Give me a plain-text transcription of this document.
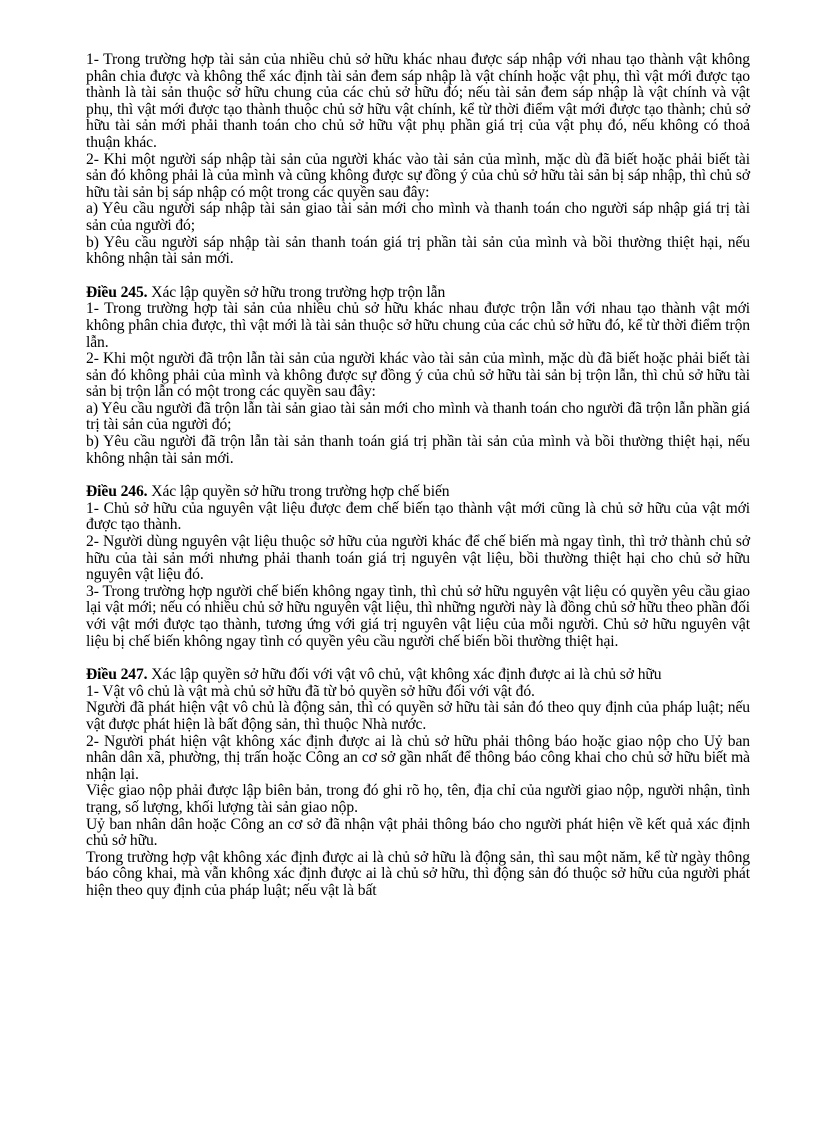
1- Trong trường hợp tài sản của nhiều chủ sở hữu khác nhau được sáp nhập với nhau tạo thành vật không phân chia được và không thể xác định tài sản đem sáp nhập là vật chính hoặc vật phụ, thì vật mới được tạo thành là tài sản thuộc sở hữu chung của các chủ sở hữu đó; nếu tài sản đem sáp nhập là vật chính và vật phụ, thì vật mới được tạo thành thuộc chủ sở hữu vật chính, kể từ thời điểm vật mới được tạo thành; chủ sở hữu tài sản mới phải thanh toán cho chủ sở hữu vật phụ phần giá trị của vật phụ đó, nếu không có thoả thuận khác.

2- Khi một người sáp nhập tài sản của người khác vào tài sản của mình, mặc dù đã biết hoặc phải biết tài sản đó không phải là của mình và cũng không được sự đồng ý của chủ sở hữu tài sản bị sáp nhập, thì chủ sở hữu tài sản bị sáp nhập có một trong các quyền sau đây:

a) Yêu cầu người sáp nhập tài sản giao tài sản mới cho mình và thanh toán cho người sáp nhập giá trị tài sản của người đó;

b) Yêu cầu người sáp nhập tài sản thanh toán giá trị phần tài sản của mình và bồi thường thiệt hại, nếu không nhận tài sản mới.

Điều 245. Xác lập quyền sở hữu trong trường hợp trộn lẫn

1- Trong trường hợp tài sản của nhiều chủ sở hữu khác nhau được trộn lẫn với nhau tạo thành vật mới không phân chia được, thì vật mới là tài sản thuộc sở hữu chung của các chủ sở hữu đó, kể từ thời điểm trộn lẫn.

2- Khi một người đã trộn lẫn tài sản của người khác vào tài sản của mình, mặc dù đã biết hoặc phải biết tài sản đó không phải của mình và không được sự đồng ý của chủ sở hữu tài sản bị trộn lẫn, thì chủ sở hữu tài sản bị trộn lẫn có một trong các quyền sau đây:

a) Yêu cầu người đã trộn lẫn tài sản giao tài sản mới cho mình và thanh toán cho người đã trộn lẫn phần giá trị tài sản của người đó;

b) Yêu cầu người đã trộn lẫn tài sản thanh toán giá trị phần tài sản của mình và bồi thường thiệt hại, nếu không nhận tài sản mới.

Điều 246. Xác lập quyền sở hữu trong trường hợp chế biến

1- Chủ sở hữu của nguyên vật liệu được đem chế biến tạo thành vật mới cũng là chủ sở hữu của vật mới được tạo thành.

2- Người dùng nguyên vật liệu thuộc sở hữu của người khác để chế biến mà ngay tình, thì trở thành chủ sở hữu của tài sản mới nhưng phải thanh toán giá trị nguyên vật liệu, bồi thường thiệt hại cho chủ sở hữu nguyên vật liệu đó.

3- Trong trường hợp người chế biến không ngay tình, thì chủ sở hữu nguyên vật liệu có quyền yêu cầu giao lại vật mới; nếu có nhiều chủ sở hữu nguyên vật liệu, thì những người này là đồng chủ sở hữu theo phần đối với vật mới được tạo thành, tương ứng với giá trị nguyên vật liệu của mỗi người. Chủ sở hữu nguyên vật liệu bị chế biến không ngay tình có quyền yêu cầu người chế biến bồi thường thiệt hại.

Điều 247. Xác lập quyền sở hữu đối với vật vô chủ, vật không xác định được ai là chủ sở hữu

1- Vật vô chủ là vật mà chủ sở hữu đã từ bỏ quyền sở hữu đối với vật đó.

Người đã phát hiện vật vô chủ là động sản, thì có quyền sở hữu tài sản đó theo quy định của pháp luật; nếu vật được phát hiện là bất động sản, thì thuộc Nhà nước.

2- Người phát hiện vật không xác định được ai là chủ sở hữu phải thông báo hoặc giao nộp cho Uỷ ban nhân dân xã, phường, thị trấn hoặc Công an cơ sở gần nhất để thông báo công khai cho chủ sở hữu biết mà nhận lại.

Việc giao nộp phải được lập biên bản, trong đó ghi rõ họ, tên, địa chỉ của người giao nộp, người nhận, tình trạng, số lượng, khối lượng tài sản giao nộp.

Uỷ ban nhân dân hoặc Công an cơ sở đã nhận vật phải thông báo cho người phát hiện về kết quả xác định chủ sở hữu.

Trong trường hợp vật không xác định được ai là chủ sở hữu là động sản, thì sau một năm, kể từ ngày thông báo công khai, mà vẫn không xác định được ai là chủ sở hữu, thì động sản đó thuộc sở hữu của người phát hiện theo quy định của pháp luật; nếu vật là bất
